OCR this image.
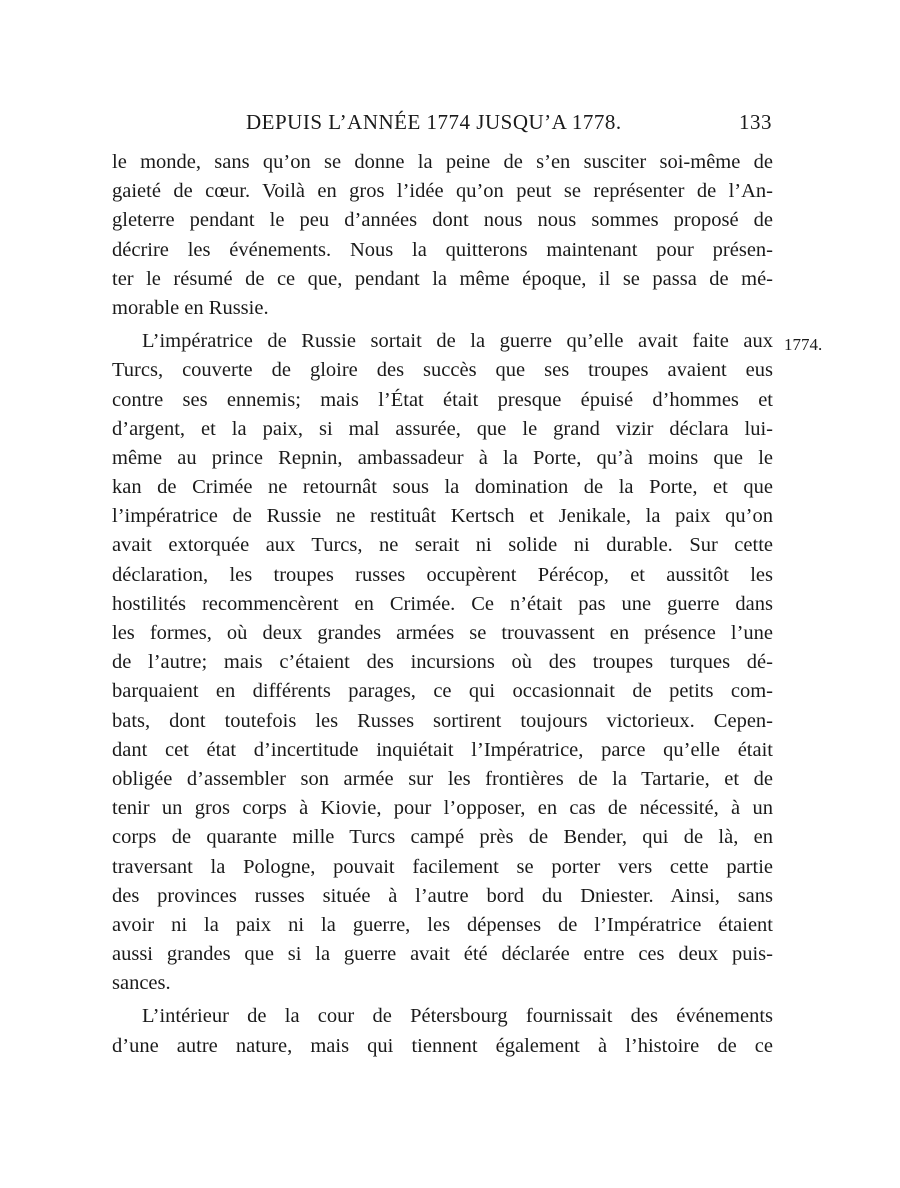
DEPUIS L’ANNÉE 1774 JUSQU’A 1778.	133
1774.
le monde, sans qu’on se donne la peine de s’en susciter soi-même de
gaieté de cœur. Voilà en gros l’idée qu’on peut se représenter de l’An-
gleterre pendant le peu d’années dont nous nous sommes proposé de
décrire les événements. Nous la quitterons maintenant pour présen-
ter le résumé de ce que, pendant la même époque, il se passa de mé-
morable en Russie.
L’impératrice de Russie sortait de la guerre qu’elle avait faite aux
Turcs, couverte de gloire des succès que ses troupes avaient eus
contre ses ennemis; mais l’État était presque épuisé d’hommes et
d’argent, et la paix, si mal assurée, que le grand vizir déclara lui-
même au prince Repnin, ambassadeur à la Porte, qu’à moins que le
kan de Crimée ne retournât sous la domination de la Porte, et que
l’impératrice de Russie ne restituât Kertsch et Jenikale, la paix qu’on
avait extorquée aux Turcs, ne serait ni solide ni durable. Sur cette
déclaration, les troupes russes occupèrent Pérécop, et aussitôt les
hostilités recommencèrent en Crimée. Ce n’était pas une guerre dans
les formes, où deux grandes armées se trouvassent en présence l’une
de l’autre; mais c’étaient des incursions où des troupes turques dé-
barquaient en différents parages, ce qui occasionnait de petits com-
bats, dont toutefois les Russes sortirent toujours victorieux. Cepen-
dant cet état d’incertitude inquiétait l’Impératrice, parce qu’elle était
obligée d’assembler son armée sur les frontières de la Tartarie, et de
tenir un gros corps à Kiovie, pour l’opposer, en cas de nécessité, à un
corps de quarante mille Turcs campé près de Bender, qui de là, en
traversant la Pologne, pouvait facilement se porter vers cette partie
des provinces russes située à l’autre bord du Dniester. Ainsi, sans
avoir ni la paix ni la guerre, les dépenses de l’Impératrice étaient
aussi grandes que si la guerre avait été déclarée entre ces deux puis-
sances.
L’intérieur de la cour de Pétersbourg fournissait des événements
d’une autre nature, mais qui tiennent également à l’histoire de ce
